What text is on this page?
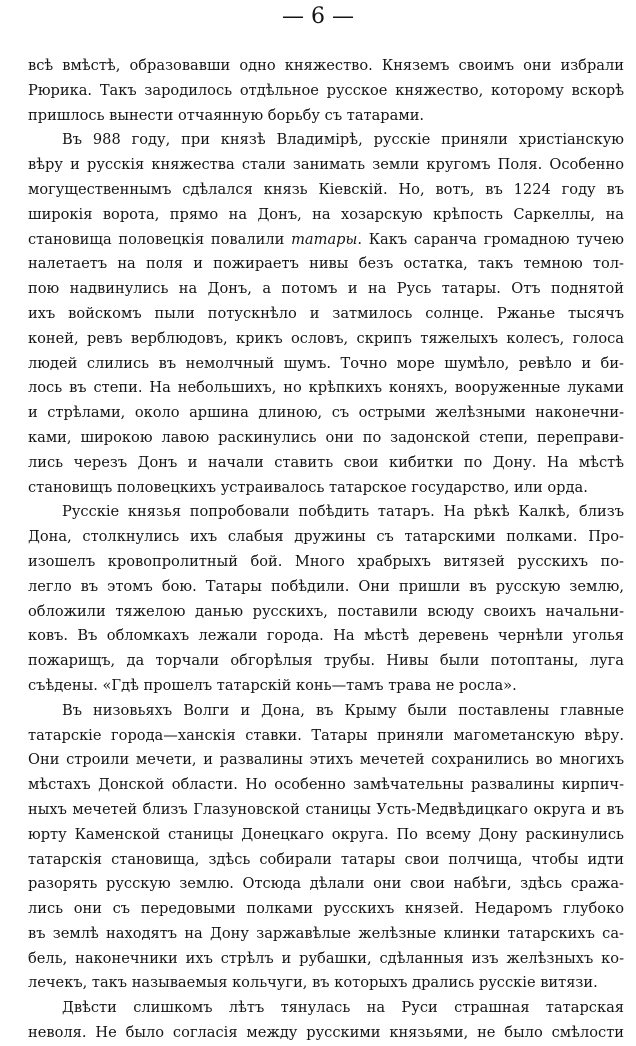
— 6 —
всѣ вмѣстѣ, образовавши одно княжество. Княземъ своимъ они избрали
Рюрика. Такъ зародилось отдѣльное русское княжество, которому вскорѣ
пришлось вынести отчаянную борьбу съ татарами.
Въ 988 году, при князѣ Владимірѣ, русскіе приняли христіанскую
вѣру и русскія княжества стали занимать земли кругомъ Поля. Особенно
могущественнымъ сдѣлался князь Кіевскій. Но, вотъ, въ 1224 году въ
широкія ворота, прямо на Донъ, на хозарскую крѣпость Саркеллы, на
становища половецкія повалили татары. Какъ саранча громадною тучею
налетаетъ на поля и пожираетъ нивы безъ остатка, такъ темною тол-
пою надвинулись на Донъ, а потомъ и на Русь татары. Отъ поднятой
ихъ войскомъ пыли потускнѣло и затмилось солнце. Ржанье тысячъ
коней, ревъ верблюдовъ, крикъ ословъ, скрипъ тяжелыхъ колесъ, голоса
людей слились въ немолчный шумъ. Точно море шумѣло, ревѣло и би-
лось въ степи. На небольшихъ, но крѣпкихъ коняхъ, вооруженные луками
и стрѣлами, около аршина длиною, съ острыми желѣзными наконечни-
ками, широкою лавою раскинулись они по задонской степи, переправи-
лись черезъ Донъ и начали ставить свои кибитки по Дону. На мѣстѣ
становищъ половецкихъ устраивалось татарское государство, или орда.
Русскіе князья попробовали побѣдить татаръ. На рѣкѣ Калкѣ, близъ
Дона, столкнулись ихъ слабыя дружины съ татарскими полками. Про-
изошелъ кровопролитный бой. Много храбрыхъ витязей русскихъ по-
легло въ этомъ бою. Татары побѣдили. Они пришли въ русскую землю,
обложили тяжелою данью русскихъ, поставили всюду своихъ начальни-
ковъ. Въ обломкахъ лежали города. На мѣстѣ деревень чернѣли уголья
пожарищъ, да торчали обгорѣлыя трубы. Нивы были потоптаны, луга
съѣдены. «Гдѣ прошелъ татарскій конь—тамъ трава не росла».
Въ низовьяхъ Волги и Дона, въ Крыму были поставлены главные
татарскіе города—ханскія ставки. Татары приняли магометанскую вѣру.
Они строили мечети, и развалины этихъ мечетей сохранились во многихъ
мѣстахъ Донской области. Но особенно замѣчательны развалины кирпич-
ныхъ мечетей близъ Глазуновской станицы Усть-Медвѣдицкаго округа и въ
юрту Каменской станицы Донецкаго округа. По всему Дону раскинулись
татарскія становища, здѣсь собирали татары свои полчища, чтобы идти
разорять русскую землю. Отсюда дѣлали они свои набѣги, здѣсь сража-
лись они съ передовыми полками русскихъ князей. Недаромъ глубоко
въ землѣ находятъ на Дону заржавѣлые желѣзные клинки татарскихъ са-
бель, наконечники ихъ стрѣлъ и рубашки, сдѣланныя изъ желѣзныхъ ко-
лечекъ, такъ называемыя кольчуги, въ которыхъ дрались русскіе витязи.
Двѣсти слишкомъ лѣтъ тянулась на Руси страшная татарская
неволя. Не было согласія между русскими князьями, не было смѣлости
